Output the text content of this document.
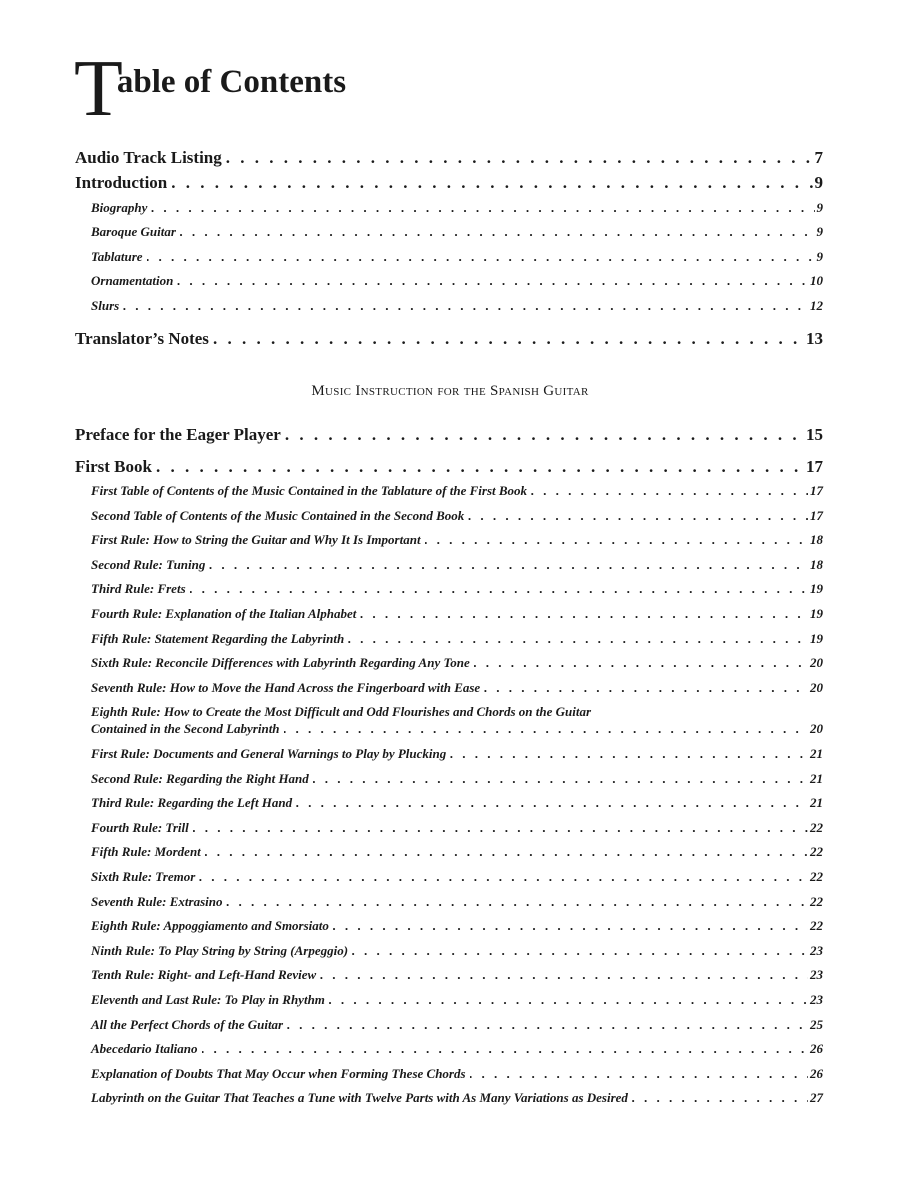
T
able of Contents
Audio Track Listing . . .	7
Introduction . . .	9
Biography . . .	9
Baroque Guitar . . .	9
Tablature . . .	9
Ornamentation . . .	10
Slurs . . .	12
Translator’s Notes . . .	13
Music Instruction for the Spanish Guitar
Preface for the Eager Player . . .	15
First Book . . .	17
First Table of Contents of the Music Contained in the Tablature of the First Book . . .	17
Second Table of Contents of the Music Contained in the Second Book . . .	17
First Rule: How to String the Guitar and Why It Is Important . . .	18
Second Rule: Tuning . . .	18
Third Rule: Frets . . .	19
Fourth Rule: Explanation of the Italian Alphabet . . .	19
Fifth Rule: Statement Regarding the Labyrinth . . .	19
Sixth Rule: Reconcile Differences with Labyrinth Regarding Any Tone . . .	20
Seventh Rule: How to Move the Hand Across the Fingerboard with Ease . . .	20
Eighth Rule: How to Create the Most Difficult and Odd Flourishes and Chords on the Guitar
Contained in the Second Labyrinth . . .	20
First Rule: Documents and General Warnings to Play by Plucking . . .	21
Second Rule: Regarding the Right Hand . . .	21
Third Rule: Regarding the Left Hand . . .	21
Fourth Rule: Trill . . .	22
Fifth Rule: Mordent . . .	22
Sixth Rule: Tremor . . .	22
Seventh Rule: Extrasino . . .	22
Eighth Rule: Appoggiamento and Smorsiato . . .	22
Ninth Rule: To Play String by String (Arpeggio) . . .	23
Tenth Rule: Right- and Left-Hand Review . . .	23
Eleventh and Last Rule: To Play in Rhythm . . .	23
All the Perfect Chords of the Guitar . . .	25
Abecedario Italiano . . .	26
Explanation of Doubts That May Occur when Forming These Chords . . .	26
Labyrinth on the Guitar That Teaches a Tune with Twelve Parts with As Many Variations as Desired . . .	27
